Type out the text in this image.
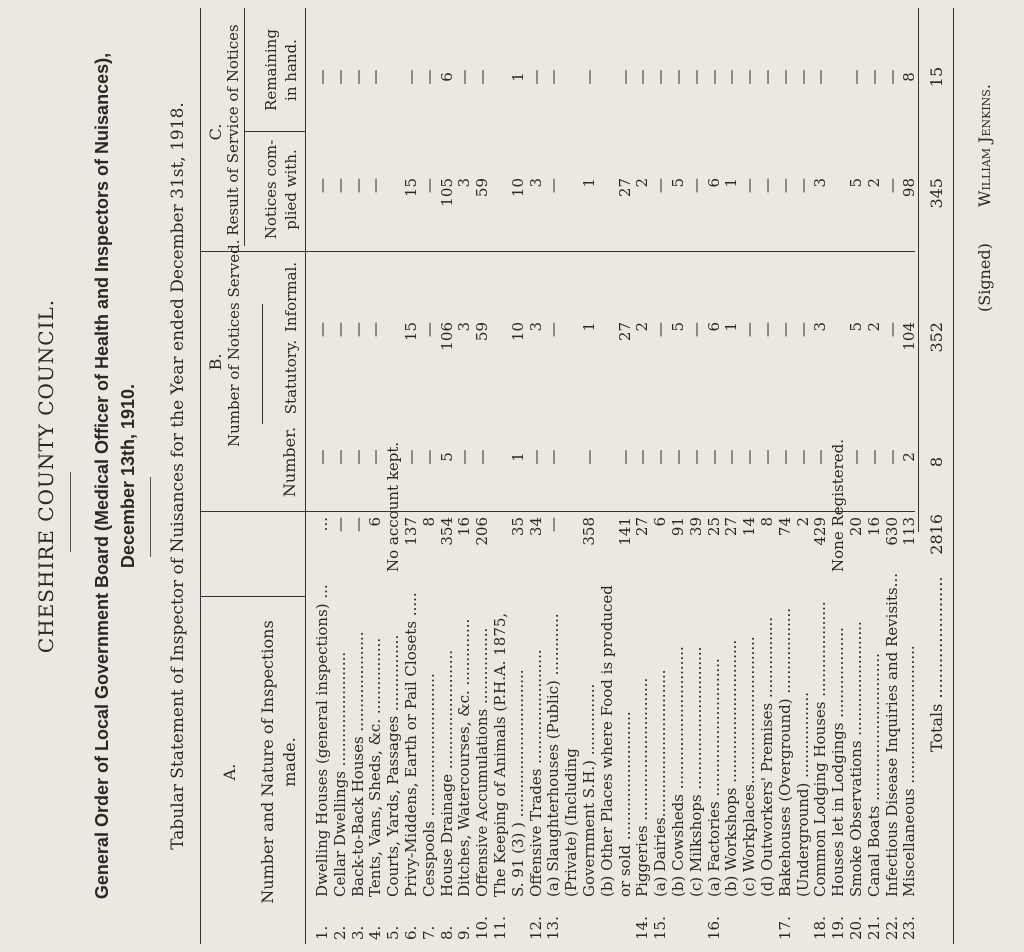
CHESHIRE COUNTY COUNCIL. General Order of Local Government Board (Medical Officer of Health and Inspectors of Nuisances), December 13th, 1910. Tabular Statement of Inspector of Nuisances for the Year ended December 31st, 1918. A. Number and Nature of Inspections made.
Number.
B. Number of Notices Served.	Statutory.
Informal.
C. Result of Service of Notices Notices com- plied with.
Remaining in hand.
1.
Dwelling Houses (general inspections) ...
...
—
—
—
—
2.
Cellar Dwellings ........................
—
—
—
—
—
3.
Back-to-Back Houses .....................
—
—
—
—
—
4.
Tents, Vans, Sheds, &c. ................
6
—
—
—
—
5.
Courts, Yards, Passages ................
No account kept.
6.
Privy-Middens, Earth or Pail Closets .....
137
—
15
15
—
7.
Cesspools ..............................
8
—
—
—
—
8.
House Drainage .........................
354
5
106
105
6
9.
Ditches, Watercourses, &c. ..............
16
—
3
3
—
10.
Offensive Accumulations ................
206
—
59
59
—
11.
The Keeping of Animals (P.H.A. 1875, S. 91 (3) ) ...............................
35
1
10
10
1
12.
Offensive Trades ........................
34
—
3
3
—
13.
(a) Slaughterhouses (Public) .............
—
—
—
—
—
(Private) (Including Government S.H.) ...............
358
—
1
1
—
(b) Other Places where Food is produced or sold ...........................
141
—
27
27
—
14.
Piggeries ..............................
27
—
2
2
—
15.
(a) Dairies...............................
6
—
—
—
—
(b) Cowsheds ..............................
91
—
5
5
—
(c) Milkshops ..............................
39
—
—
—
—
16.
(a) Factories .............................
25
—
6
6
—
(b) Workshops ..............................
27
—
1
1
—
(c) Workplaces...............................
14
—
—
—
—
(d) Outworkers' Premises .................
8
—
—
—
—
17.
Bakehouses (Overground) ..................
74
—
—
—
—
(Underground) ..................
2
—
—
—
—
18.
Common Lodging Houses ....................
429
—
3
3
—
19.
Houses let in Lodgings ...................
None Registered.
20.
Smoke Observations ........................
20
—
5
5
—
21.
Canal Boats ...............................
16
—
2
2
—
22.
Infectious Disease Inquiries and Revisits...
630
—
—
—
—
23.
Miscellaneous .............................
113
2
104
98
8
Totals ........................
2816
8
352
345
15
(Signed)
William Jenkins.
